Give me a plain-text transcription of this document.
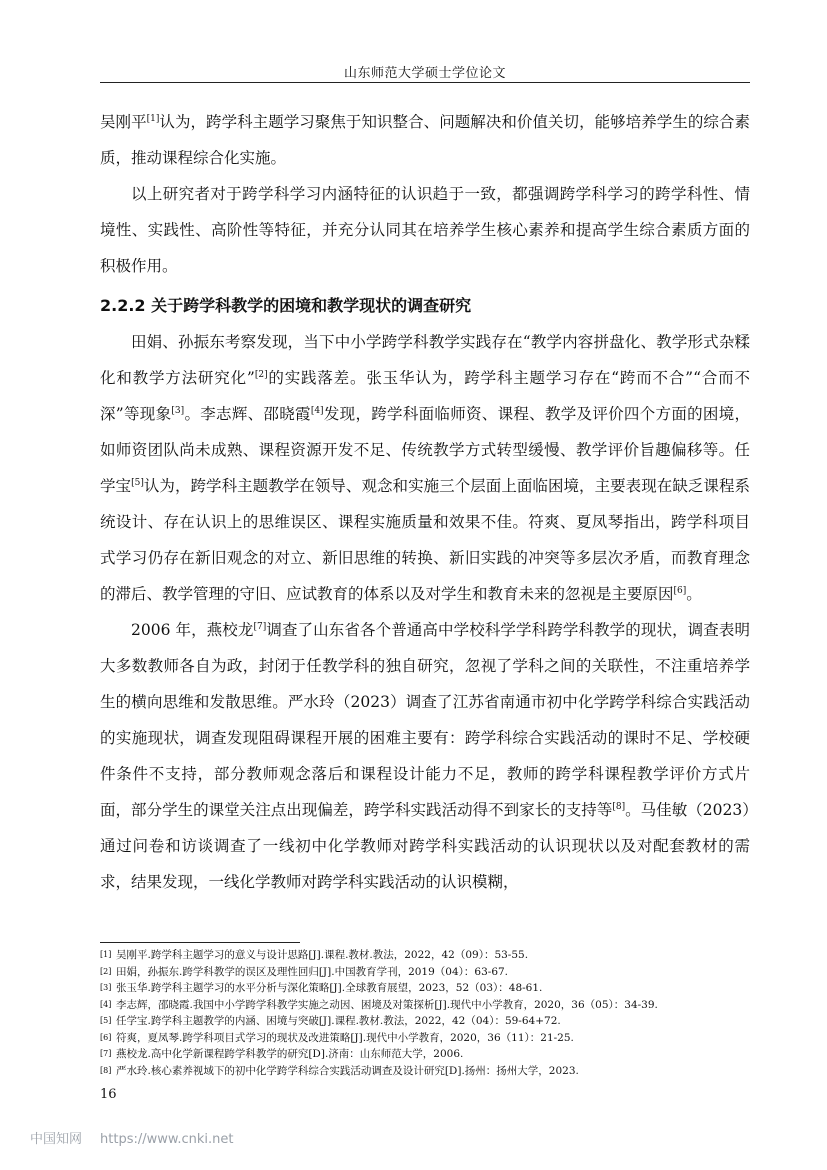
山东师范大学硕士学位论文

吴刚平[1]认为，跨学科主题学习聚焦于知识整合、问题解决和价值关切，能够培养学生的综合素质，推动课程综合化实施。

以上研究者对于跨学科学习内涵特征的认识趋于一致，都强调跨学科学习的跨学科性、情境性、实践性、高阶性等特征，并充分认同其在培养学生核心素养和提高学生综合素质方面的积极作用。

2.2.2 关于跨学科教学的困境和教学现状的调查研究

田娟、孙振东考察发现，当下中小学跨学科教学实践存在“教学内容拼盘化、教学形式杂糅化和教学方法研究化”[2]的实践落差。张玉华认为，跨学科主题学习存在“跨而不合”“合而不深”等现象[3]。李志辉、邵晓霞[4]发现，跨学科面临师资、课程、教学及评价四个方面的困境，如师资团队尚未成熟、课程资源开发不足、传统教学方式转型缓慢、教学评价旨趣偏移等。任学宝[5]认为，跨学科主题教学在领导、观念和实施三个层面上面临困境，主要表现在缺乏课程系统设计、存在认识上的思维误区、课程实施质量和效果不佳。符爽、夏凤琴指出，跨学科项目式学习仍存在新旧观念的对立、新旧思维的转换、新旧实践的冲突等多层次矛盾，而教育理念的滞后、教学管理的守旧、应试教育的体系以及对学生和教育未来的忽视是主要原因[6]。

2006 年，燕校龙[7]调查了山东省各个普通高中学校科学学科跨学科教学的现状，调查表明大多数教师各自为政，封闭于任教学科的独自研究，忽视了学科之间的关联性，不注重培养学生的横向思维和发散思维。严水玲（2023）调查了江苏省南通市初中化学跨学科综合实践活动的实施现状，调查发现阻碍课程开展的困难主要有：跨学科综合实践活动的课时不足、学校硬件条件不支持，部分教师观念落后和课程设计能力不足，教师的跨学科课程教学评价方式片面，部分学生的课堂关注点出现偏差，跨学科实践活动得不到家长的支持等[8]。马佳敏（2023）通过问卷和访谈调查了一线初中化学教师对跨学科实践活动的认识现状以及对配套教材的需求，结果发现，一线化学教师对跨学科实践活动的认识模糊，

[1] 吴刚平.跨学科主题学习的意义与设计思路[J].课程.教材.教法，2022，42（09）：53-55.
[2] 田娟，孙振东.跨学科教学的误区及理性回归[J].中国教育学刊，2019（04）：63-67.
[3] 张玉华.跨学科主题学习的水平分析与深化策略[J].全球教育展望，2023，52（03）：48-61.
[4] 李志辉，邵晓霞.我国中小学跨学科教学实施之动因、困境及对策探析[J].现代中小学教育，2020，36（05）：34-39.
[5] 任学宝.跨学科主题教学的内涵、困境与突破[J].课程.教材.教法，2022，42（04）：59-64+72.
[6] 符爽，夏凤琴.跨学科项目式学习的现状及改进策略[J].现代中小学教育，2020，36（11）：21-25.
[7] 燕校龙.高中化学新课程跨学科教学的研究[D].济南：山东师范大学，2006.
[8] 严水玲.核心素养视域下的初中化学跨学科综合实践活动调查及设计研究[D].扬州：扬州大学，2023.
16
中国知网 https://www.cnki.net
